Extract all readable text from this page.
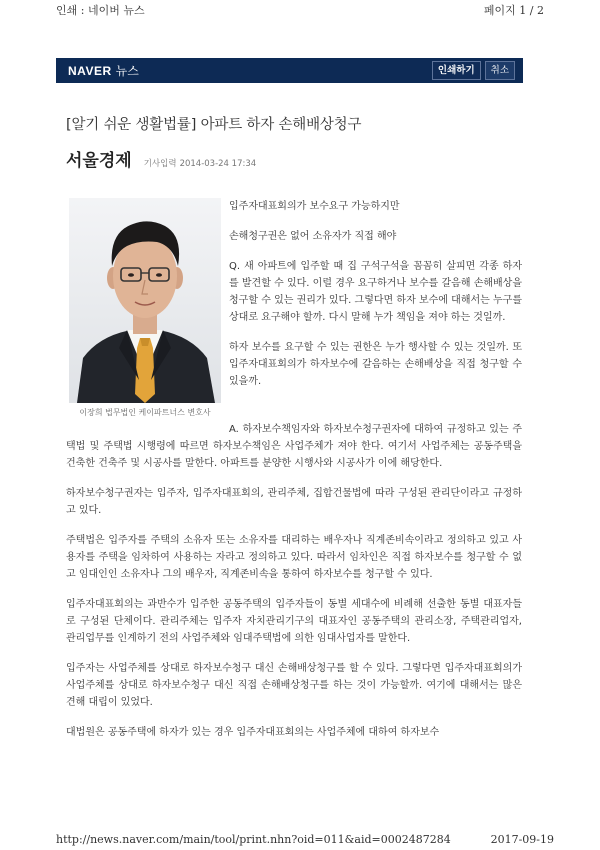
인쇄 : 네이버 뉴스	페이지 1 / 2
NAVER 뉴스	인쇄하기	취소
[알기 쉬운 생활법률] 아파트 하자 손해배상청구
서울경제 기사입력 2014-03-24 17:34
이장희 법무법인 케이파트너스 변호사

입주자대표회의가 보수요구 가능하지만

손해청구권은 없어 소유자가 직접 해야

Q. 새 아파트에 입주할 때 집 구석구석을 꼼꼼히 살피면 각종 하자를 발견할 수 있다. 이럴 경우 요구하거나 보수를 갈음해 손해배상을 청구할 수 있는 권리가 있다. 그렇다면 하자 보수에 대해서는 누구를 상대로 요구해야 할까. 다시 말해 누가 책임을 져야 하는 것일까.

하자 보수를 요구할 수 있는 권한은 누가 행사할 수 있는 것일까. 또 입주자대표회의가 하자보수에 갈음하는 손해배상을 직접 청구할 수 있을까.

A. 하자보수책임자와 하자보수청구권자에 대하여 규정하고 있는 주택법 및 주택법 시행령에 따르면 하자보수책임은 사업주체가 져야 한다. 여기서 사업주체는 공동주택을 건축한 건축주 및 시공사를 말한다. 아파트를 분양한 시행사와 시공사가 이에 해당한다.

하자보수청구권자는 입주자, 입주자대표회의, 관리주체, 집합건물법에 따라 구성된 관리단이라고 규정하고 있다.

주택법은 입주자를 주택의 소유자 또는 소유자를 대리하는 배우자나 직계존비속이라고 정의하고 있고 사용자를 주택을 임차하여 사용하는 자라고 정의하고 있다. 따라서 임차인은 직접 하자보수를 청구할 수 없고 임대인인 소유자나 그의 배우자, 직계존비속을 통하여 하자보수를 청구할 수 있다.

입주자대표회의는 과반수가 입주한 공동주택의 입주자들이 동별 세대수에 비례해 선출한 동별 대표자들로 구성된 단체이다. 관리주체는 입주자 자치관리기구의 대표자인 공동주택의 관리소장, 주택관리업자, 관리업무를 인계하기 전의 사업주체와 임대주택법에 의한 임대사업자를 말한다.

입주자는 사업주체를 상대로 하자보수청구 대신 손해배상청구를 할 수 있다. 그렇다면 입주자대표회의가 사업주체를 상대로 하자보수청구 대신 직접 손해배상청구를 하는 것이 가능할까. 여기에 대해서는 많은 견해 대립이 있었다.

대법원은 공동주택에 하자가 있는 경우 입주자대표회의는 사업주체에 대하여 하자보수

http://news.naver.com/main/tool/print.nhn?oid=011&aid=0002487284	2017-09-19
